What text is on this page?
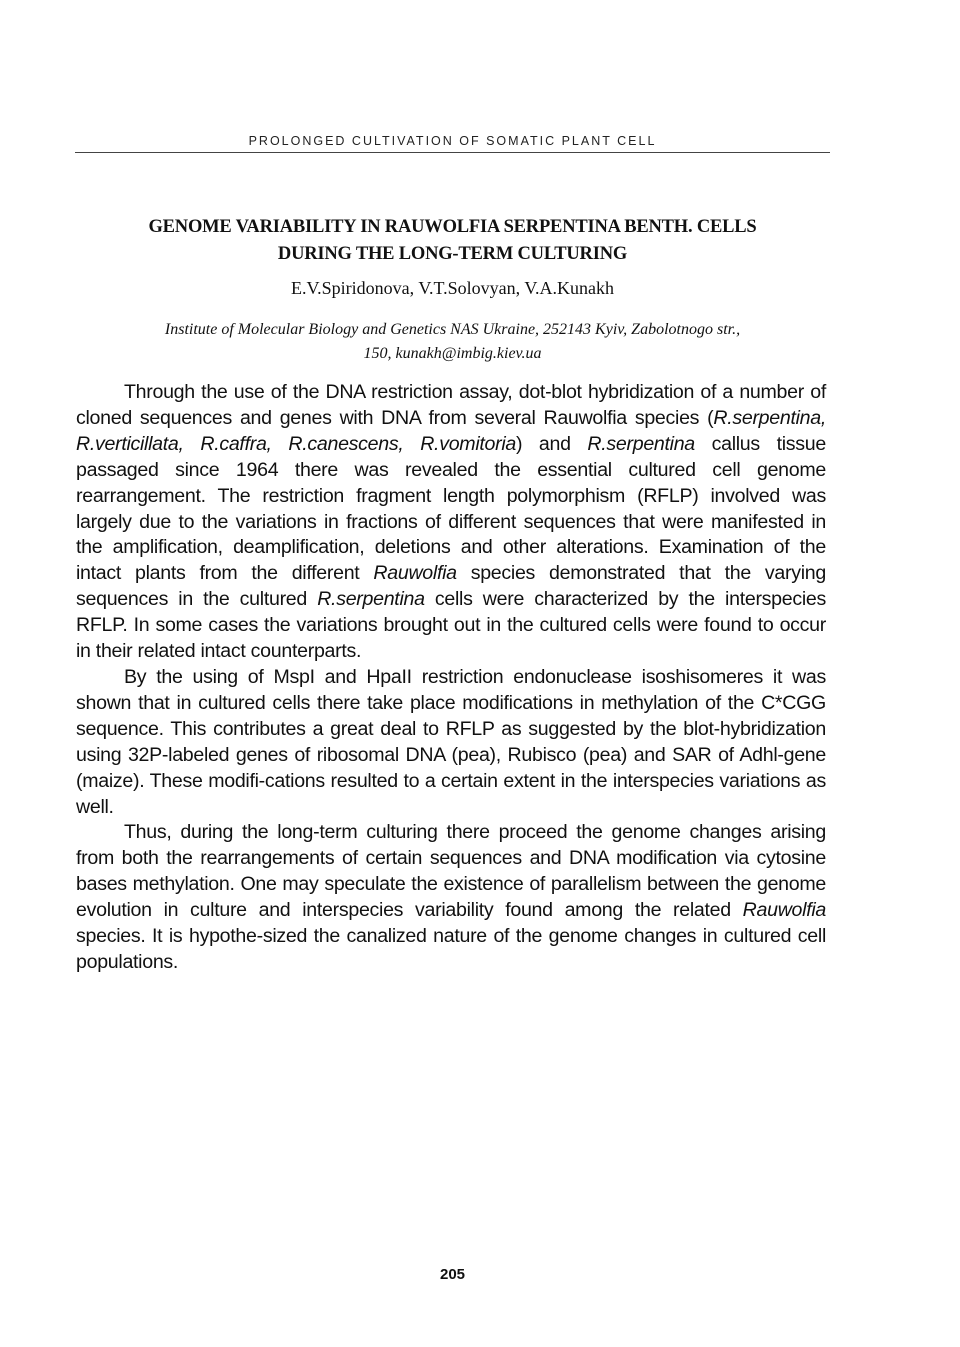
PROLONGED CULTIVATION OF SOMATIC PLANT CELL
GENOME VARIABILITY IN RAUWOLFIA SERPENTINA BENTH. CELLS
DURING THE LONG-TERM CULTURING
E.V.Spiridonova, V.T.Solovyan, V.A.Kunakh
Institute of Molecular Biology and Genetics NAS Ukraine, 252143 Kyiv, Zabolotnogo str.,
150, kunakh@imbig.kiev.ua

Through the use of the DNA restriction assay, dot-blot hybridization of a number of cloned sequences and genes with DNA from several Rauwolfia species (R.serpentina, R.verticillata, R.caffra, R.canescens, R.vomitoria) and R.serpentina callus tissue passaged since 1964 there was revealed the essential cultured cell genome rearrangement. The restriction fragment length polymorphism (RFLP) involved was largely due to the variations in fractions of different sequences that were manifested in the amplification, deamplification, deletions and other alterations. Examination of the intact plants from the different Rauwolfia species demonstrated that the varying sequences in the cultured R.serpentina cells were characterized by the interspecies RFLP. In some cases the variations brought out in the cultured cells were found to occur in their related intact counterparts.

By the using of MspI and HpaII restriction endonuclease isoshisomeres it was shown that in cultured cells there take place modifications in methylation of the C*CGG sequence. This contributes a great deal to RFLP as suggested by the blot-hybridization using 32P-labeled genes of ribosomal DNA (pea), Rubisco (pea) and SAR of Adhl-gene (maize). These modifi-cations resulted to a certain extent in the interspecies variations as well.

Thus, during the long-term culturing there proceed the genome changes arising from both the rearrangements of certain sequences and DNA modification via cytosine bases methylation. One may speculate the existence of parallelism between the genome evolution in culture and interspecies variability found among the related Rauwolfia species. It is hypothe-sized the canalized nature of the genome changes in cultured cell populations.

205
